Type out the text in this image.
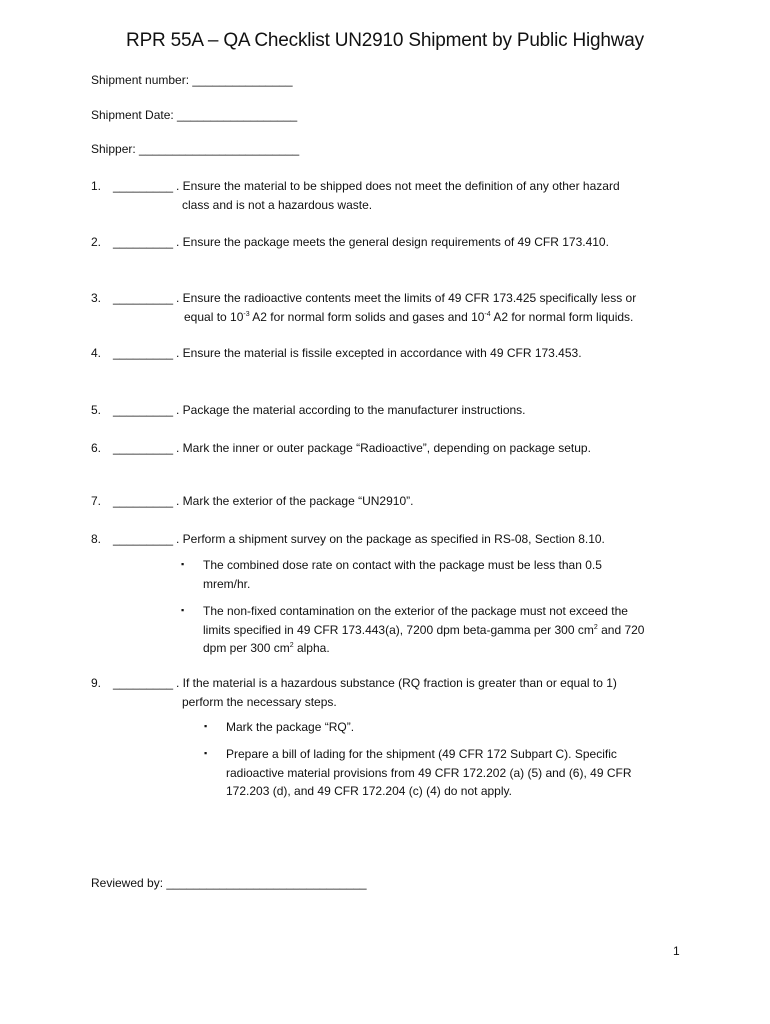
RPR 55A – QA Checklist UN2910 Shipment by Public Highway
Shipment number: _______________
Shipment Date: __________________
Shipper: ________________________
1. _________ . Ensure the material to be shipped does not meet the definition of any other hazard
class and is not a hazardous waste.
2. _________ . Ensure the package meets the general design requirements of 49 CFR 173.410.
3. _________ . Ensure the radioactive contents meet the limits of 49 CFR 173.425 specifically less or
equal to $10^{-3}$ A2 for normal form solids and gases and $10^{-4}$ A2 for normal form liquids.
4. _________ . Ensure the material is fissile excepted in accordance with 49 CFR 173.453.
5. _________ . Package the material according to the manufacturer instructions.
6. _________ . Mark the inner or outer package “Radioactive”, depending on package setup.
7. _________ . Mark the exterior of the package “UN2910”.
8. _________ . Perform a shipment survey on the package as specified in RS-08, Section 8.10.
▪ The combined dose rate on contact with the package must be less than 0.5
mrem/hr.
▪ The non-fixed contamination on the exterior of the package must not exceed the
limits specified in 49 CFR 173.443(a), 7200 dpm beta-gamma per 300 $cm^2$ and 720
dpm per 300 $cm^2$ alpha.
9. _________ . If the material is a hazardous substance (RQ fraction is greater than or equal to 1)
perform the necessary steps.
▪ Mark the package “RQ”.
▪ Prepare a bill of lading for the shipment (49 CFR 172 Subpart C). Specific
radioactive material provisions from 49 CFR 172.202 (a) (5) and (6), 49 CFR
172.203 (d), and 49 CFR 172.204 (c) (4) do not apply.
Reviewed by: ______________________________
1
